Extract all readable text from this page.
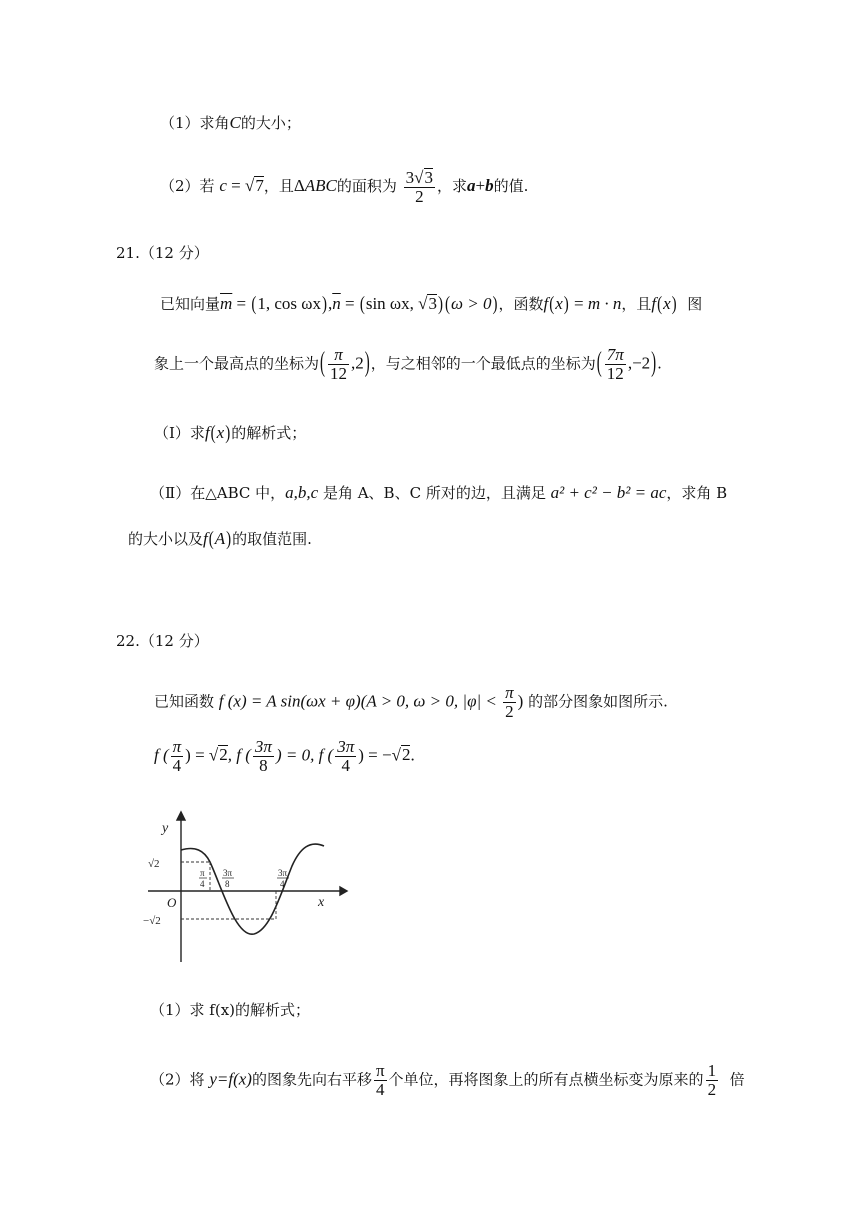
（1）求角C的大小；
（2）若 c = √7，且ΔABC的面积为 $\frac{3√3}{2}$ ，求a+b的值.
21.（12 分）
已知向量$\overline{m} = (1$, $\cos \omega x),\overline{n} = (\sin$ ωx, √3) (ω > 0)，函数f(x) = m · n，且f(x) 图
象上一个最高点的坐标为( $\frac{\pi}{12} ,2$)，与之相邻的一个最低点的坐标为( $\frac{7\pi}{12} ,-2$).
（Ⅰ）求f(x)的解析式；
（Ⅱ）在△ABC 中，a,b,c 是角 A、B、C 所对的边，且满足 a² + c² − b² = ac，求角 B
的大小以及f(A)的取值范围.
22.（12 分）
已知函数 f (x) = A sin(ωx + φ)(A > 0, ω > 0, $|\varphi| < \frac{\pi}{2}$ ) 的部分图象如图所示.
f ( $\frac{\pi}{4}$ ) = √2, f ( $\frac{3\pi}{8}$ ) = 0, f ( $\frac{3\pi}{4}$ ) = −√2.
y
x
O
√2
−√2
π
4
3π
8
3π
4
（1）求 f(x)的解析式；
（2）将 y=f(x)的图象先向右平移 $\frac{\pi}{4}$ 个单位，再将图象上的所有点横坐标变为原来的 $\frac{1}{2}$ 倍
